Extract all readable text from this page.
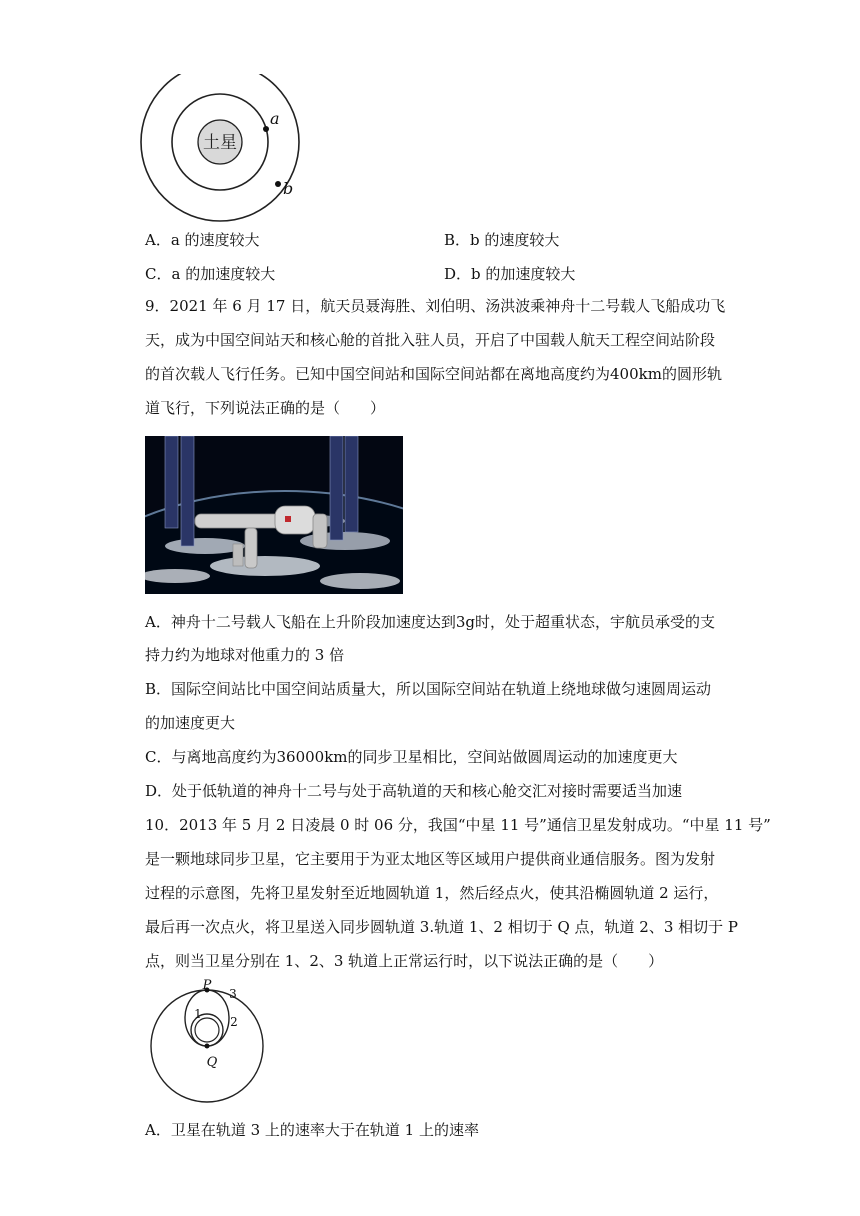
土星
a
b
A．a 的速度较大	B．b 的速度较大
C．a 的加速度较大	D．b 的加速度较大
9．2021 年 6 月 17 日，航天员聂海胜、刘伯明、汤洪波乘神舟十二号载人飞船成功飞
天，成为中国空间站天和核心舱的首批入驻人员，开启了中国载人航天工程空间站阶段
的首次载人飞行任务。已知中国空间站和国际空间站都在离地高度约为400km的圆形轨
道飞行，下列说法正确的是（　　）
A．神舟十二号载人飞船在上升阶段加速度达到3g时，处于超重状态，宇航员承受的支
持力约为地球对他重力的 3 倍
B．国际空间站比中国空间站质量大，所以国际空间站在轨道上绕地球做匀速圆周运动
的加速度更大
C．与离地高度约为36000km的同步卫星相比，空间站做圆周运动的加速度更大
D．处于低轨道的神舟十二号与处于高轨道的天和核心舱交汇对接时需要适当加速
10．2013 年 5 月 2 日凌晨 0 时 06 分，我国“中星 11 号”通信卫星发射成功。“中星 11 号”
是一颗地球同步卫星，它主要用于为亚太地区等区域用户提供商业通信服务。图为发射
过程的示意图，先将卫星发射至近地圆轨道 1，然后经点火，使其沿椭圆轨道 2 运行，
最后再一次点火，将卫星送入同步圆轨道 3.轨道 1、2 相切于 Q 点，轨道 2、3 相切于 P
点，则当卫星分别在 1、2、3 轨道上正常运行时，以下说法正确的是（　　）
P
Q
1
2
3
A．卫星在轨道 3 上的速率大于在轨道 1 上的速率
